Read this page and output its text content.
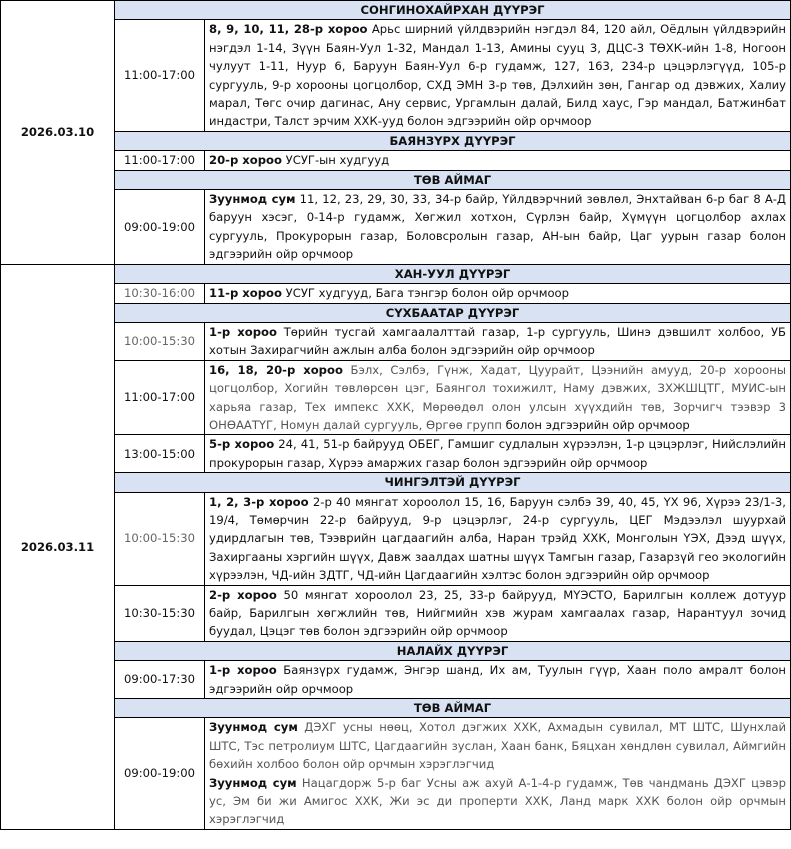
2026.03.10	СОНГИНОХАЙРХАН ДҮҮРЭГ	
	11:00-17:00	8, 9, 10, 11, 28-р хороо Арьс ширний үйлдвэрийн нэгдэл 84, 120 айл, Оёдлын үйлдвэрийн нэгдэл 1-14, Зүүн Баян-Уул 1-32, Мандал 1-13, Амины сууц 3, ДЦС-3 ТӨХК-ийн 1-8, Ногоон чулуут 1-11, Нуур 6, Баруун Баян-Уул 6-р гудамж, 127, 163, 234-р цэцэрлэгүүд, 105-р сургууль, 9-р хорооны цогцолбор, СХД ЭМН 3-р төв, Дэлхийн зөн, Гангар од дэвжих, Халиу марал, Төгс очир дагинас, Ану сервис, Ургамлын далай, Билд хаус, Гэр мандал, Батжинбат индастри, Талст эрчим ХХК-ууд болон эдгээрийн ойр орчмоор

	БАЯНЗҮРХ ДҮҮРЭГ	
	11:00-17:00	20-р хороо УСУГ-ын худгууд

	ТӨВ АЙМАГ	
	09:00-19:00	Зуунмод сум 11, 12, 23, 29, 30, 33, 34-р байр, Үйлдвэрчний зөвлөл, Энхтайван 6-р баг 8 А-Д баруун хэсэг, 0-14-р гудамж, Хөгжил хотхон, Сүрлэн байр, Хүмүүн цогцолбор ахлах сургууль, Прокурорын газар, Боловсролын газар, АН-ын байр, Цаг уурын газар болон эдгээрийн ойр орчмоор

2026.03.11	ХАН-УУЛ ДҮҮРЭГ	
	10:30-16:00	11-р хороо УСУГ худгууд, Бага тэнгэр болон ойр орчмоор

	СҮХБААТАР ДҮҮРЭГ	
	10:00-15:30	1-р хороо Төрийн тусгай хамгаалалттай газар, 1-р сургууль, Шинэ дэвшилт холбоо, УБ хотын Захирагчийн ажлын алба болон эдгээрийн ойр орчмоор

	11:00-17:00	16, 18, 20-р хороо Бэлх, Сэлбэ, Гүнж, Хадат, Цуурайт, Цээнийн амууд, 20-р хорооны цогцолбор, Хогийн төвлөрсөн цэг, Баянгол тохижилт, Наму дэвжих, ЗХЖШЦТГ, МУИС-ын харьяа газар, Тех импекс ХХК, Мөрөөдөл олон улсын хүүхдийн төв, Зорчигч тээвэр 3 ОНӨААТҮГ, Номун далай сургууль, Өргөө групп болон эдгээрийн ойр орчмоор

	13:00-15:00	5-р хороо 24, 41, 51-р байрууд ОБЕГ, Гамшиг судлалын хүрээлэн, 1-р цэцэрлэг, Нийслэлийн прокурорын газар, Хүрээ амаржих газар болон эдгээрийн ойр орчмоор

	ЧИНГЭЛТЭЙ ДҮҮРЭГ	
	10:00-15:30	1, 2, 3-р хороо 2-р 40 мянгат хороолол 15, 16, Баруун сэлбэ 39, 40, 45, ҮХ 96, Хүрээ 23/1-3, 19/4, Төмөрчин 22-р байрууд, 9-р цэцэрлэг, 24-р сургууль, ЦЕГ Мэдээлэл шуурхай удирдлагын төв, Тээврийн цагдаагийн алба, Наран трэйд ХХК, Монголын ҮЭХ, Дээд шүүх, Захиргааны хэргийн шүүх, Давж заалдах шатны шүүх Тамгын газар, Газарзүй гео экологийн хүрээлэн, ЧД-ийн ЗДТГ, ЧД-ийн Цагдаагийн хэлтэс болон эдгээрийн ойр орчмоор

	10:30-15:30	2-р хороо 50 мянгат хороолол 23, 25, 33-р байрууд, МҮЭСТО, Барилгын коллеж дотуур байр, Барилгын хөгжлийн төв, Нийгмийн хэв журам хамгаалах газар, Нарантуул зочид буудал, Цэцэг төв болон эдгээрийн ойр орчмоор

	НАЛАЙХ ДҮҮРЭГ	
	09:00-17:30	1-р хороо Баянзүрх гудамж, Энгэр шанд, Их ам, Туулын гүүр, Хаан поло амралт болон эдгээрийн ойр орчмоор

	ТӨВ АЙМАГ	
	09:00-19:00	Зуунмод сум ДЭХГ усны нөөц, Хотол дэгжих ХХК, Ахмадын сувилал, МТ ШТС, Шунхлай ШТС, Тэс петролиум ШТС, Цагдаагийн зуслан, Хаан банк, Бяцхан хөндлөн сувилал, Аймгийн бөхийн холбоо болон ойр орчмын хэрэглэгчид
Зуунмод сум Нацагдорж 5-р баг Усны аж ахуй А-1-4-р гудамж, Төв чандмань ДЭХГ цэвэр ус, Эм би жи Амигос ХХК, Жи эс ди проперти ХХК, Ланд марк ХХК болон ойр орчмын хэрэглэгчид
